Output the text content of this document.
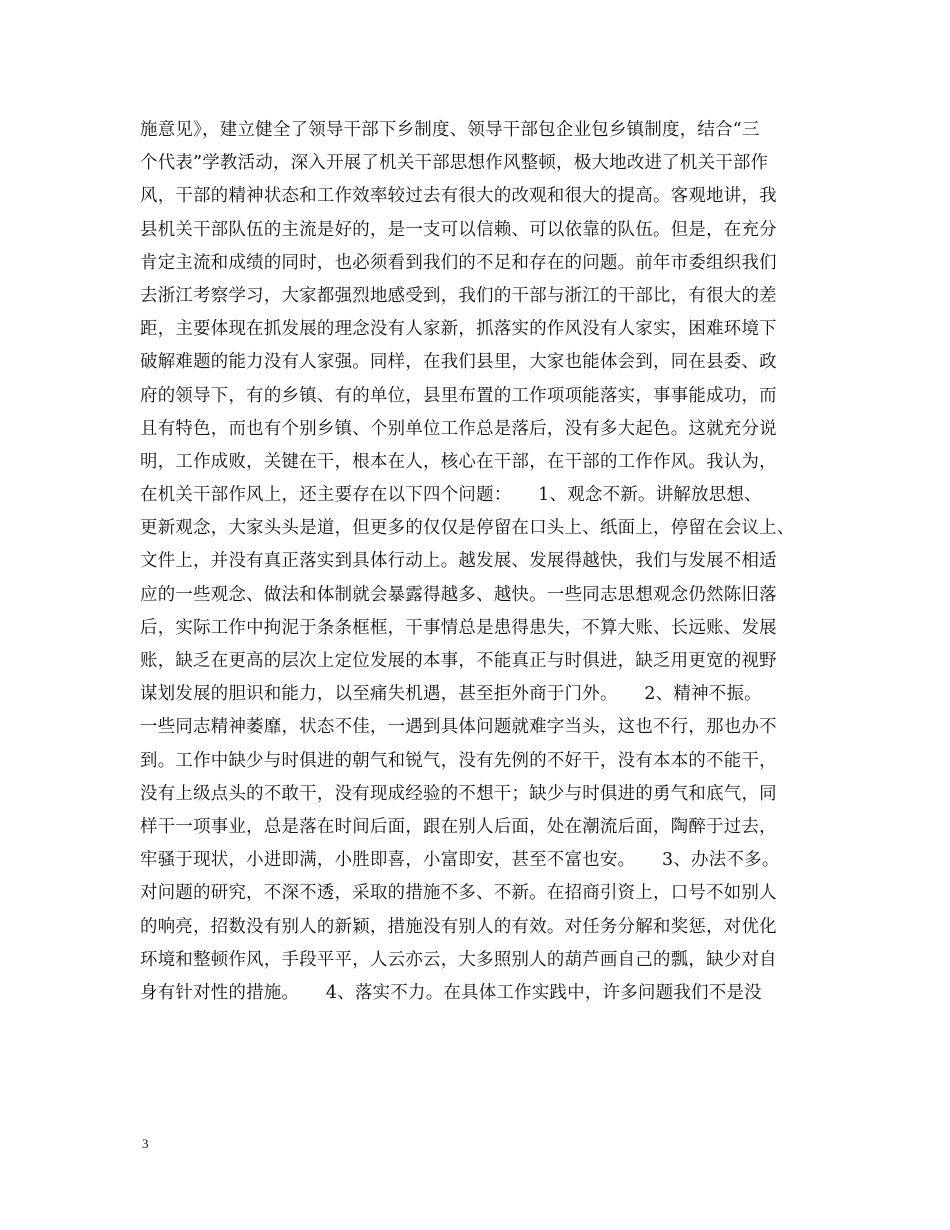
施意见》，建立健全了领导干部下乡制度、领导干部包企业包乡镇制度，结合“三
个代表”学教活动，深入开展了机关干部思想作风整顿，极大地改进了机关干部作
风，干部的精神状态和工作效率较过去有很大的改观和很大的提高。客观地讲，我
县机关干部队伍的主流是好的，是一支可以信赖、可以依靠的队伍。但是，在充分
肯定主流和成绩的同时，也必须看到我们的不足和存在的问题。前年市委组织我们
去浙江考察学习，大家都强烈地感受到，我们的干部与浙江的干部比，有很大的差
距，主要体现在抓发展的理念没有人家新，抓落实的作风没有人家实，困难环境下
破解难题的能力没有人家强。同样，在我们县里，大家也能体会到，同在县委、政
府的领导下，有的乡镇、有的单位，县里布置的工作项项能落实，事事能成功，而
且有特色，而也有个别乡镇、个别单位工作总是落后，没有多大起色。这就充分说
明，工作成败，关键在干，根本在人，核心在干部，在干部的工作作风。我认为，
在机关干部作风上，还主要存在以下四个问题：　　1、观念不新。讲解放思想、
更新观念，大家头头是道，但更多的仅仅是停留在口头上、纸面上，停留在会议上、
文件上，并没有真正落实到具体行动上。越发展、发展得越快，我们与发展不相适
应的一些观念、做法和体制就会暴露得越多、越快。一些同志思想观念仍然陈旧落
后，实际工作中拘泥于条条框框，干事情总是患得患失，不算大账、长远账、发展
账，缺乏在更高的层次上定位发展的本事，不能真正与时俱进，缺乏用更宽的视野
谋划发展的胆识和能力，以至痛失机遇，甚至拒外商于门外。　　2、精神不振。
一些同志精神萎靡，状态不佳，一遇到具体问题就难字当头，这也不行，那也办不
到。工作中缺少与时俱进的朝气和锐气，没有先例的不好干，没有本本的不能干，
没有上级点头的不敢干，没有现成经验的不想干；缺少与时俱进的勇气和底气，同
样干一项事业，总是落在时间后面，跟在别人后面，处在潮流后面，陶醉于过去，
牢骚于现状，小进即满，小胜即喜，小富即安，甚至不富也安。　　3、办法不多。
对问题的研究，不深不透，采取的措施不多、不新。在招商引资上，口号不如别人
的响亮，招数没有别人的新颖，措施没有别人的有效。对任务分解和奖惩，对优化
环境和整顿作风，手段平平，人云亦云，大多照别人的葫芦画自己的瓢，缺少对自
身有针对性的措施。　　4、落实不力。在具体工作实践中，许多问题我们不是没
3
